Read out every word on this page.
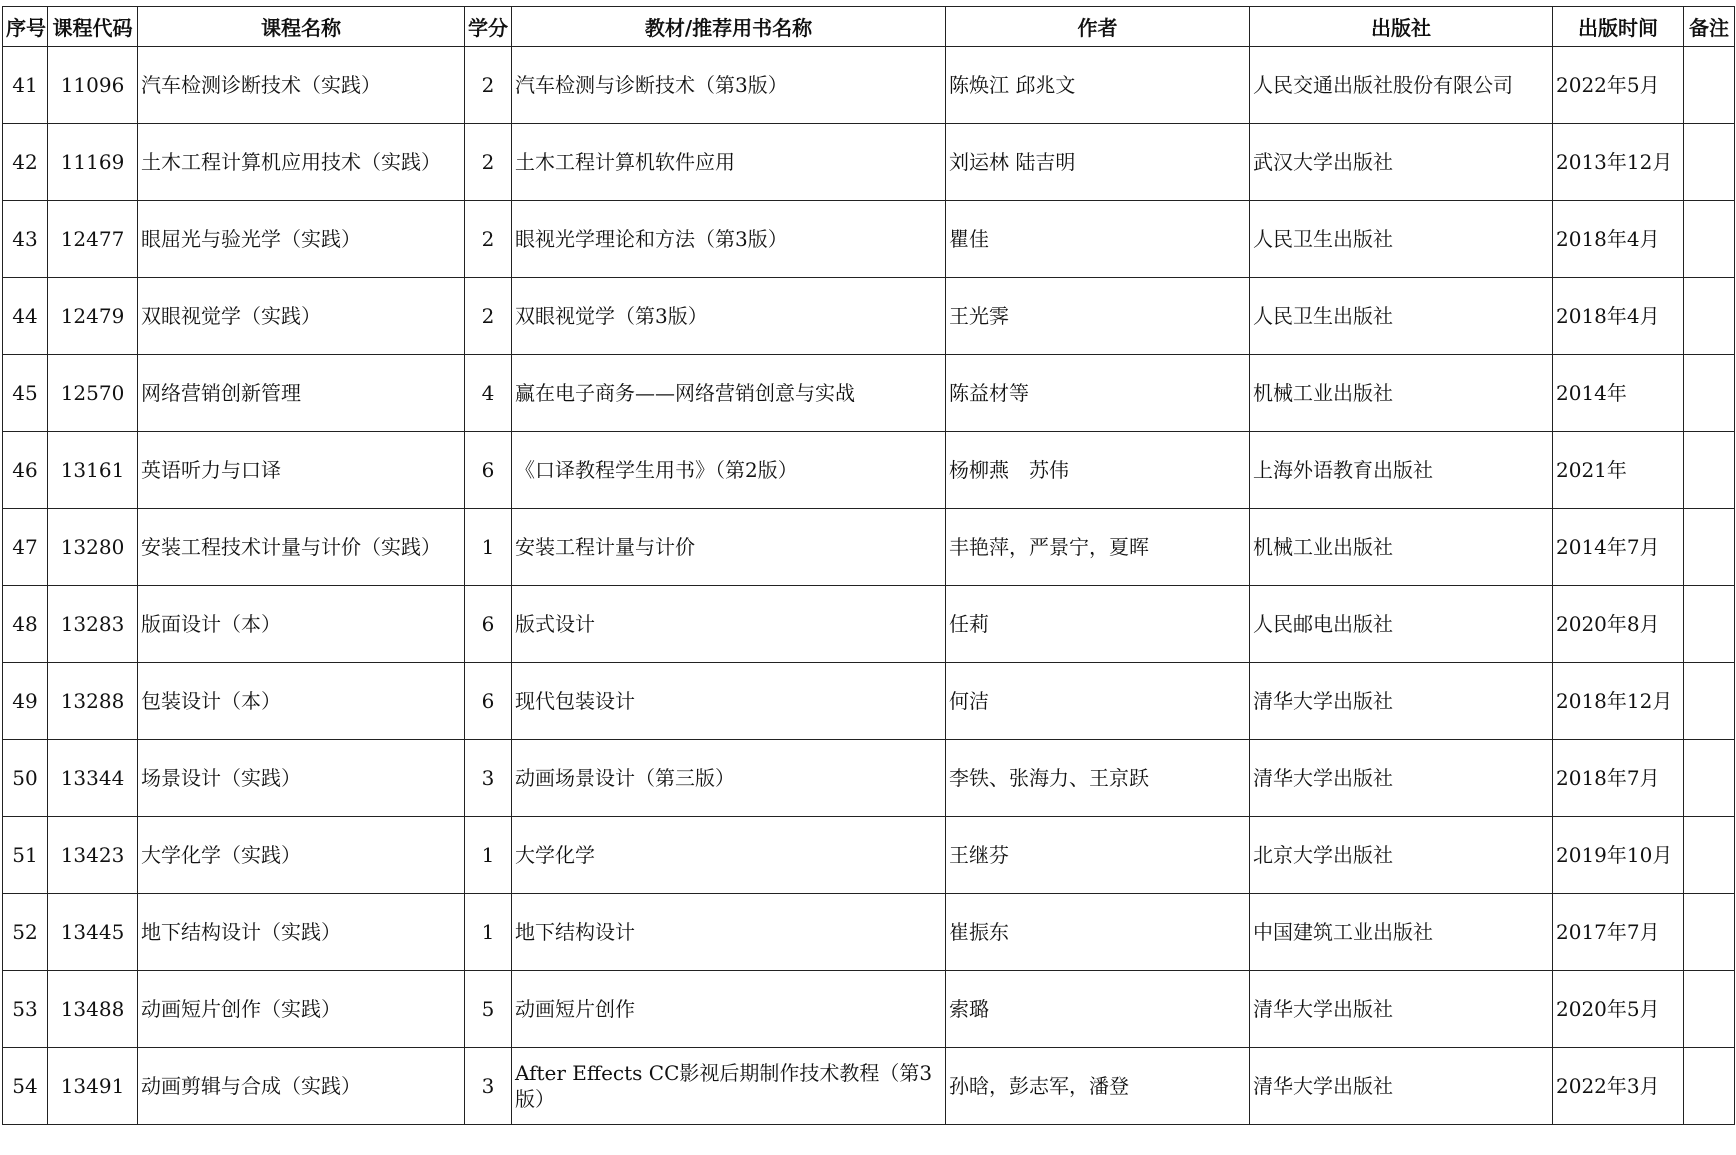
序号	课程代码	课程名称	学分	教材/推荐用书名称	作者	出版社	出版时间	备注
41	11096	汽车检测诊断技术（实践）	2	汽车检测与诊断技术（第3版）	陈焕江 邱兆文	人民交通出版社股份有限公司	2022年5月	
42	11169	土木工程计算机应用技术（实践）	2	土木工程计算机软件应用	刘运林 陆吉明	武汉大学出版社	2013年12月	
43	12477	眼屈光与验光学（实践）	2	眼视光学理论和方法（第3版）	瞿佳	人民卫生出版社	2018年4月	
44	12479	双眼视觉学（实践）	2	双眼视觉学（第3版）	王光霁	人民卫生出版社	2018年4月	
45	12570	网络营销创新管理	4	赢在电子商务——网络营销创意与实战	陈益材等	机械工业出版社	2014年	
46	13161	英语听力与口译	6	《口译教程学生用书》（第2版）	杨柳燕　苏伟	上海外语教育出版社	2021年	
47	13280	安装工程技术计量与计价（实践）	1	安装工程计量与计价	丰艳萍，严景宁，夏晖	机械工业出版社	2014年7月	
48	13283	版面设计（本）	6	版式设计	任莉	人民邮电出版社	2020年8月	
49	13288	包装设计（本）	6	现代包装设计	何洁	清华大学出版社	2018年12月	
50	13344	场景设计（实践）	3	动画场景设计（第三版）	李铁、张海力、王京跃	清华大学出版社	2018年7月	
51	13423	大学化学（实践）	1	大学化学	王继芬	北京大学出版社	2019年10月	
52	13445	地下结构设计（实践）	1	地下结构设计	崔振东	中国建筑工业出版社	2017年7月	
53	13488	动画短片创作（实践）	5	动画短片创作	索璐	清华大学出版社	2020年5月	
54	13491	动画剪辑与合成（实践）	3	After Effects CC影视后期制作技术教程（第3版）	孙晗，彭志军，潘登	清华大学出版社	2022年3月	
